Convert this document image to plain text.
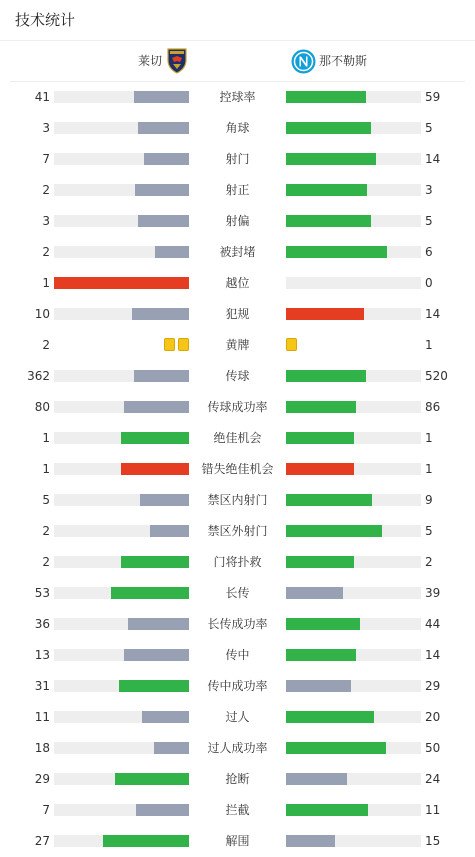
技术统计
莱切	那不勒斯
41	控球率	59
3	角球	5
7	射门	14
2	射正	3
3	射偏	5
2	被封堵	6
1	越位	0
10	犯规	14
2	黄牌	1
362	传球	520
80	传球成功率	86
1	绝佳机会	1
1	错失绝佳机会	1
5	禁区内射门	9
2	禁区外射门	5
2	门将扑救	2
53	长传	39
36	长传成功率	44
13	传中	14
31	传中成功率	29
11	过人	20
18	过人成功率	50
29	抢断	24
7	拦截	11
27	解围	15
